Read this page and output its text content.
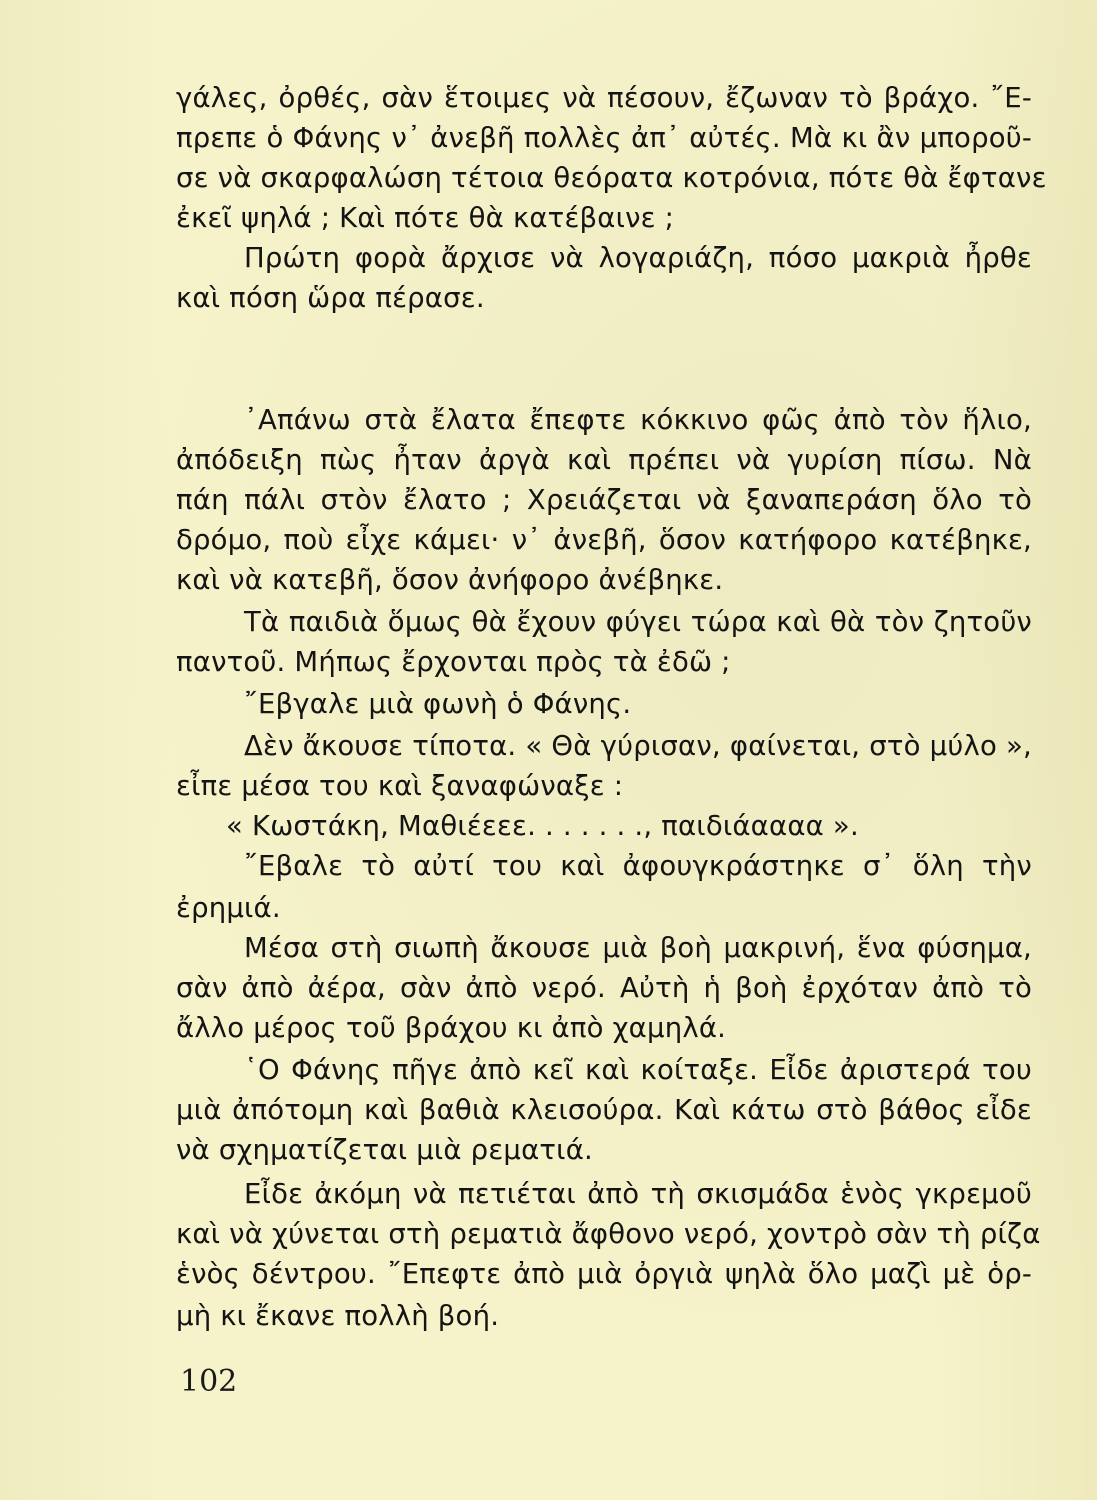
γάλες, ὀρθές, σὰν ἕτοιμες νὰ πέσουν, ἔζωναν τὸ βράχο. ῎Ε-
πρεπε ὁ Φάνης ν᾿ ἀνεβῆ πολλὲς ἀπ᾿ αὐτές. Μὰ κι ἂν μποροῦ-
σε νὰ σκαρφαλώση τέτοια θεόρατα κοτρόνια, πότε θὰ ἔφτανε
ἐκεῖ ψηλά ; Καὶ πότε θὰ κατέβαινε ;
Πρώτη φορὰ ἄρχισε νὰ λογαριάζη, πόσο μακριὰ ἦρθε
καὶ πόση ὥρα πέρασε.
᾿Απάνω στὰ ἔλατα ἔπεφτε κόκκινο φῶς ἀπὸ τὸν ἥλιο,
ἀπόδειξη πὼς ἦταν ἀργὰ καὶ πρέπει νὰ γυρίση πίσω. Νὰ
πάη πάλι στὸν ἔλατο ; Χρειάζεται νὰ ξαναπεράση ὅλο τὸ
δρόμο, ποὺ εἶχε κάμει· ν᾿ ἀνεβῆ, ὅσον κατήφορο κατέβηκε,
καὶ νὰ κατεβῆ, ὅσον ἀνήφορο ἀνέβηκε.
Τὰ παιδιὰ ὅμως θὰ ἔχουν φύγει τώρα καὶ θὰ τὸν ζητοῦν
παντοῦ. Μήπως ἔρχονται πρὸς τὰ ἐδῶ ;
῎Εβγαλε μιὰ φωνὴ ὁ Φάνης.
Δὲν ἄκουσε τίποτα. « Θὰ γύρισαν, φαίνεται, στὸ μύλο »,
εἶπε μέσα του καὶ ξαναφώναξε :
« Κωστάκη, Μαθιέεεε. . . . . . ., παιδιάαααα ».
῎Εβαλε τὸ αὐτί του καὶ ἀφουγκράστηκε σ᾿ ὅλη τὴν
ἐρημιά.
Μέσα στὴ σιωπὴ ἄκουσε μιὰ βοὴ μακρινή, ἕνα φύσημα,
σὰν ἀπὸ ἀέρα, σὰν ἀπὸ νερό. Αὐτὴ ἡ βοὴ ἐρχόταν ἀπὸ τὸ
ἄλλο μέρος τοῦ βράχου κι ἀπὸ χαμηλά.
῾Ο Φάνης πῆγε ἀπὸ κεῖ καὶ κοίταξε. Εἶδε ἀριστερά του
μιὰ ἀπότομη καὶ βαθιὰ κλεισούρα. Καὶ κάτω στὸ βάθος εἶδε
νὰ σχηματίζεται μιὰ ρεματιά.
Εἶδε ἀκόμη νὰ πετιέται ἀπὸ τὴ σκισμάδα ἑνὸς γκρεμοῦ
καὶ νὰ χύνεται στὴ ρεματιὰ ἄφθονο νερό, χοντρὸ σὰν τὴ ρίζα
ἑνὸς δέντρου. ῎Επεφτε ἀπὸ μιὰ ὀργιὰ ψηλὰ ὅλο μαζὶ μὲ ὁρ-
μὴ κι ἔκανε πολλὴ βοή.
102
